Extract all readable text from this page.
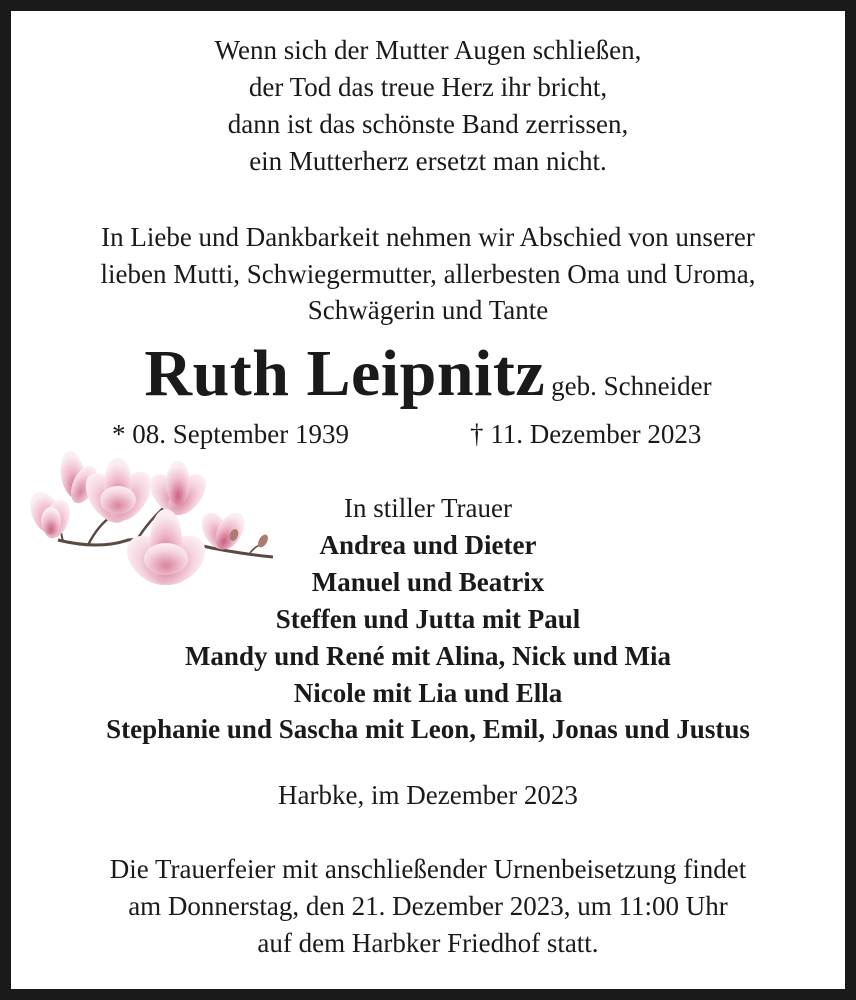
Wenn sich der Mutter Augen schließen,
der Tod das treue Herz ihr bricht,
dann ist das schönste Band zerrissen,
ein Mutterherz ersetzt man nicht.
In Liebe und Dankbarkeit nehmen wir Abschied von unserer
lieben Mutti, Schwiegermutter, allerbesten Oma und Uroma,
Schwägerin und Tante
Ruth Leipnitz geb. Schneider
* 08. September 1939	† 11. Dezember 2023
In stiller Trauer
Andrea und Dieter
Manuel und Beatrix
Steffen und Jutta mit Paul
Mandy und René mit Alina, Nick und Mia
Nicole mit Lia und Ella
Stephanie und Sascha mit Leon, Emil, Jonas und Justus
Harbke, im Dezember 2023
Die Trauerfeier mit anschließender Urnenbeisetzung findet
am Donnerstag, den 21. Dezember 2023, um 11:00 Uhr
auf dem Harbker Friedhof statt.
